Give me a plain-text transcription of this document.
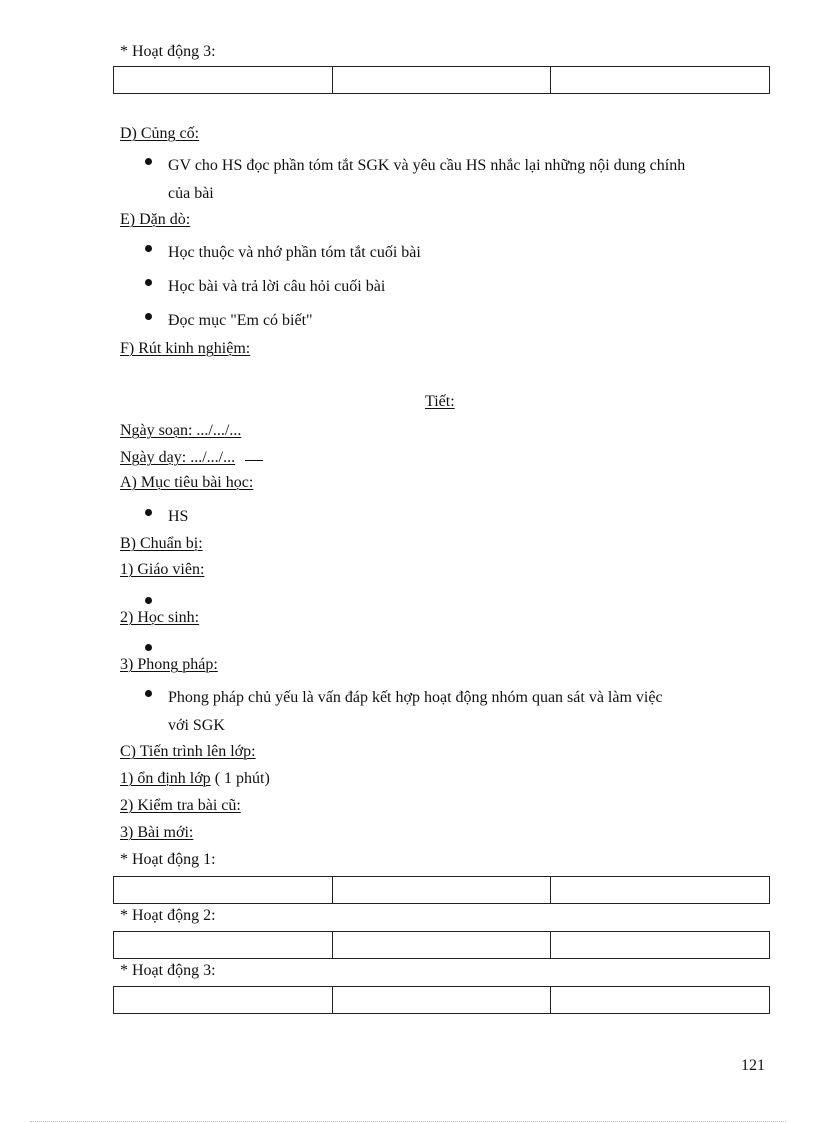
* Hoạt động 3:
D) Củng cố:
GV cho HS đọc phần tóm tắt SGK và yêu cầu HS nhắc lại những nội dung chính
của bài
E) Dặn dò:
Học thuộc và nhớ phần tóm tắt cuối bài
Học bài và trả lời câu hỏi cuối bài
Đọc mục "Em có biết"
F) Rút kinh nghiệm:
Tiết:
Ngày soạn: .../.../...
Ngày dạy: .../.../...
A) Mục tiêu bài học:
HS
B) Chuẩn bị:
1) Giáo viên:
2) Học sinh:
3) Phong pháp:
Phong pháp chủ yếu là vấn đáp kết hợp hoạt động nhóm quan sát và làm việc
với SGK
C) Tiến trình lên lớp:
1) ổn định lớp ( 1 phút)
2) Kiểm tra bài cũ:
3) Bài mới:
* Hoạt động 1:
* Hoạt động 2:
* Hoạt động 3:
121
